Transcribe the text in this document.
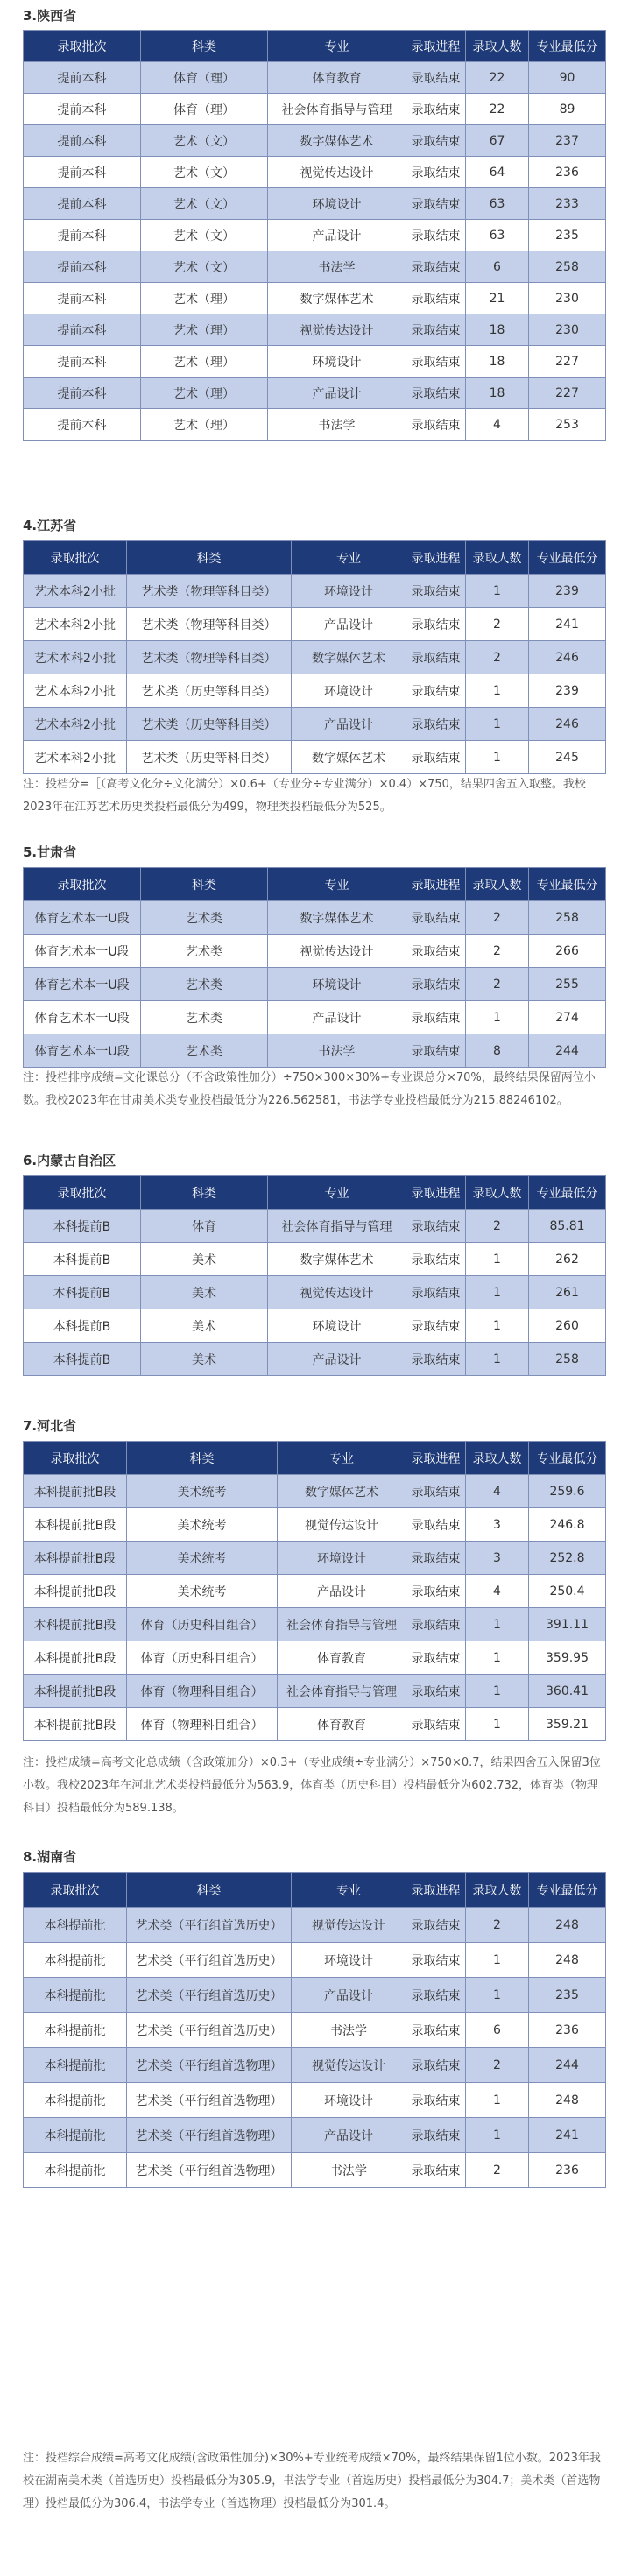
3.陕西省
录取批次	科类	专业	录取进程	录取人数	专业最低分
提前本科	体育（理）	体育教育	录取结束	22	90
提前本科	体育（理）	社会体育指导与管理	录取结束	22	89
提前本科	艺术（文）	数字媒体艺术	录取结束	67	237
提前本科	艺术（文）	视觉传达设计	录取结束	64	236
提前本科	艺术（文）	环境设计	录取结束	63	233
提前本科	艺术（文）	产品设计	录取结束	63	235
提前本科	艺术（文）	书法学	录取结束	6	258
提前本科	艺术（理）	数字媒体艺术	录取结束	21	230
提前本科	艺术（理）	视觉传达设计	录取结束	18	230
提前本科	艺术（理）	环境设计	录取结束	18	227
提前本科	艺术（理）	产品设计	录取结束	18	227
提前本科	艺术（理）	书法学	录取结束	4	253
4.江苏省
录取批次	科类	专业	录取进程	录取人数	专业最低分
艺术本科2小批	艺术类（物理等科目类）	环境设计	录取结束	1	239
艺术本科2小批	艺术类（物理等科目类）	产品设计	录取结束	2	241
艺术本科2小批	艺术类（物理等科目类）	数字媒体艺术	录取结束	2	246
艺术本科2小批	艺术类（历史等科目类）	环境设计	录取结束	1	239
艺术本科2小批	艺术类（历史等科目类）	产品设计	录取结束	1	246
艺术本科2小批	艺术类（历史等科目类）	数字媒体艺术	录取结束	1	245
注：投档分=［（高考文化分÷文化满分）×0.6+（专业分÷专业满分）×0.4）×750，结果四舍五入取整。我校2023年在江苏艺术历史类投档最低分为499，物理类投档最低分为525。
5.甘肃省
录取批次	科类	专业	录取进程	录取人数	专业最低分
体育艺术本一U段	艺术类	数字媒体艺术	录取结束	2	258
体育艺术本一U段	艺术类	视觉传达设计	录取结束	2	266
体育艺术本一U段	艺术类	环境设计	录取结束	2	255
体育艺术本一U段	艺术类	产品设计	录取结束	1	274
体育艺术本一U段	艺术类	书法学	录取结束	8	244
注：投档排序成绩=文化课总分（不含政策性加分）÷750×300×30%+专业课总分×70%，最终结果保留两位小数。我校2023年在甘肃美术类专业投档最低分为226.562581，书法学专业投档最低分为215.88246102。
6.内蒙古自治区
录取批次	科类	专业	录取进程	录取人数	专业最低分
本科提前B	体育	社会体育指导与管理	录取结束	2	85.81
本科提前B	美术	数字媒体艺术	录取结束	1	262
本科提前B	美术	视觉传达设计	录取结束	1	261
本科提前B	美术	环境设计	录取结束	1	260
本科提前B	美术	产品设计	录取结束	1	258
7.河北省
录取批次	科类	专业	录取进程	录取人数	专业最低分
本科提前批B段	美术统考	数字媒体艺术	录取结束	4	259.6
本科提前批B段	美术统考	视觉传达设计	录取结束	3	246.8
本科提前批B段	美术统考	环境设计	录取结束	3	252.8
本科提前批B段	美术统考	产品设计	录取结束	4	250.4
本科提前批B段	体育（历史科目组合）	社会体育指导与管理	录取结束	1	391.11
本科提前批B段	体育（历史科目组合）	体育教育	录取结束	1	359.95
本科提前批B段	体育（物理科目组合）	社会体育指导与管理	录取结束	1	360.41
本科提前批B段	体育（物理科目组合）	体育教育	录取结束	1	359.21
注：投档成绩=高考文化总成绩（含政策加分）×0.3+（专业成绩÷专业满分）×750×0.7，结果四舍五入保留3位小数。我校2023年在河北艺术类投档最低分为563.9，体育类（历史科目）投档最低分为602.732，体育类（物理科目）投档最低分为589.138。
8.湖南省
录取批次	科类	专业	录取进程	录取人数	专业最低分
本科提前批	艺术类（平行组首选历史）	视觉传达设计	录取结束	2	248
本科提前批	艺术类（平行组首选历史）	环境设计	录取结束	1	248
本科提前批	艺术类（平行组首选历史）	产品设计	录取结束	1	235
本科提前批	艺术类（平行组首选历史）	书法学	录取结束	6	236
本科提前批	艺术类（平行组首选物理）	视觉传达设计	录取结束	2	244
本科提前批	艺术类（平行组首选物理）	环境设计	录取结束	1	248
本科提前批	艺术类（平行组首选物理）	产品设计	录取结束	1	241
本科提前批	艺术类（平行组首选物理）	书法学	录取结束	2	236
注：投档综合成绩=高考文化成绩(含政策性加分)×30%+专业统考成绩×70%，最终结果保留1位小数。2023年我校在湖南美术类（首选历史）投档最低分为305.9，书法学专业（首选历史）投档最低分为304.7；美术类（首选物理）投档最低分为306.4，书法学专业（首选物理）投档最低分为301.4。
